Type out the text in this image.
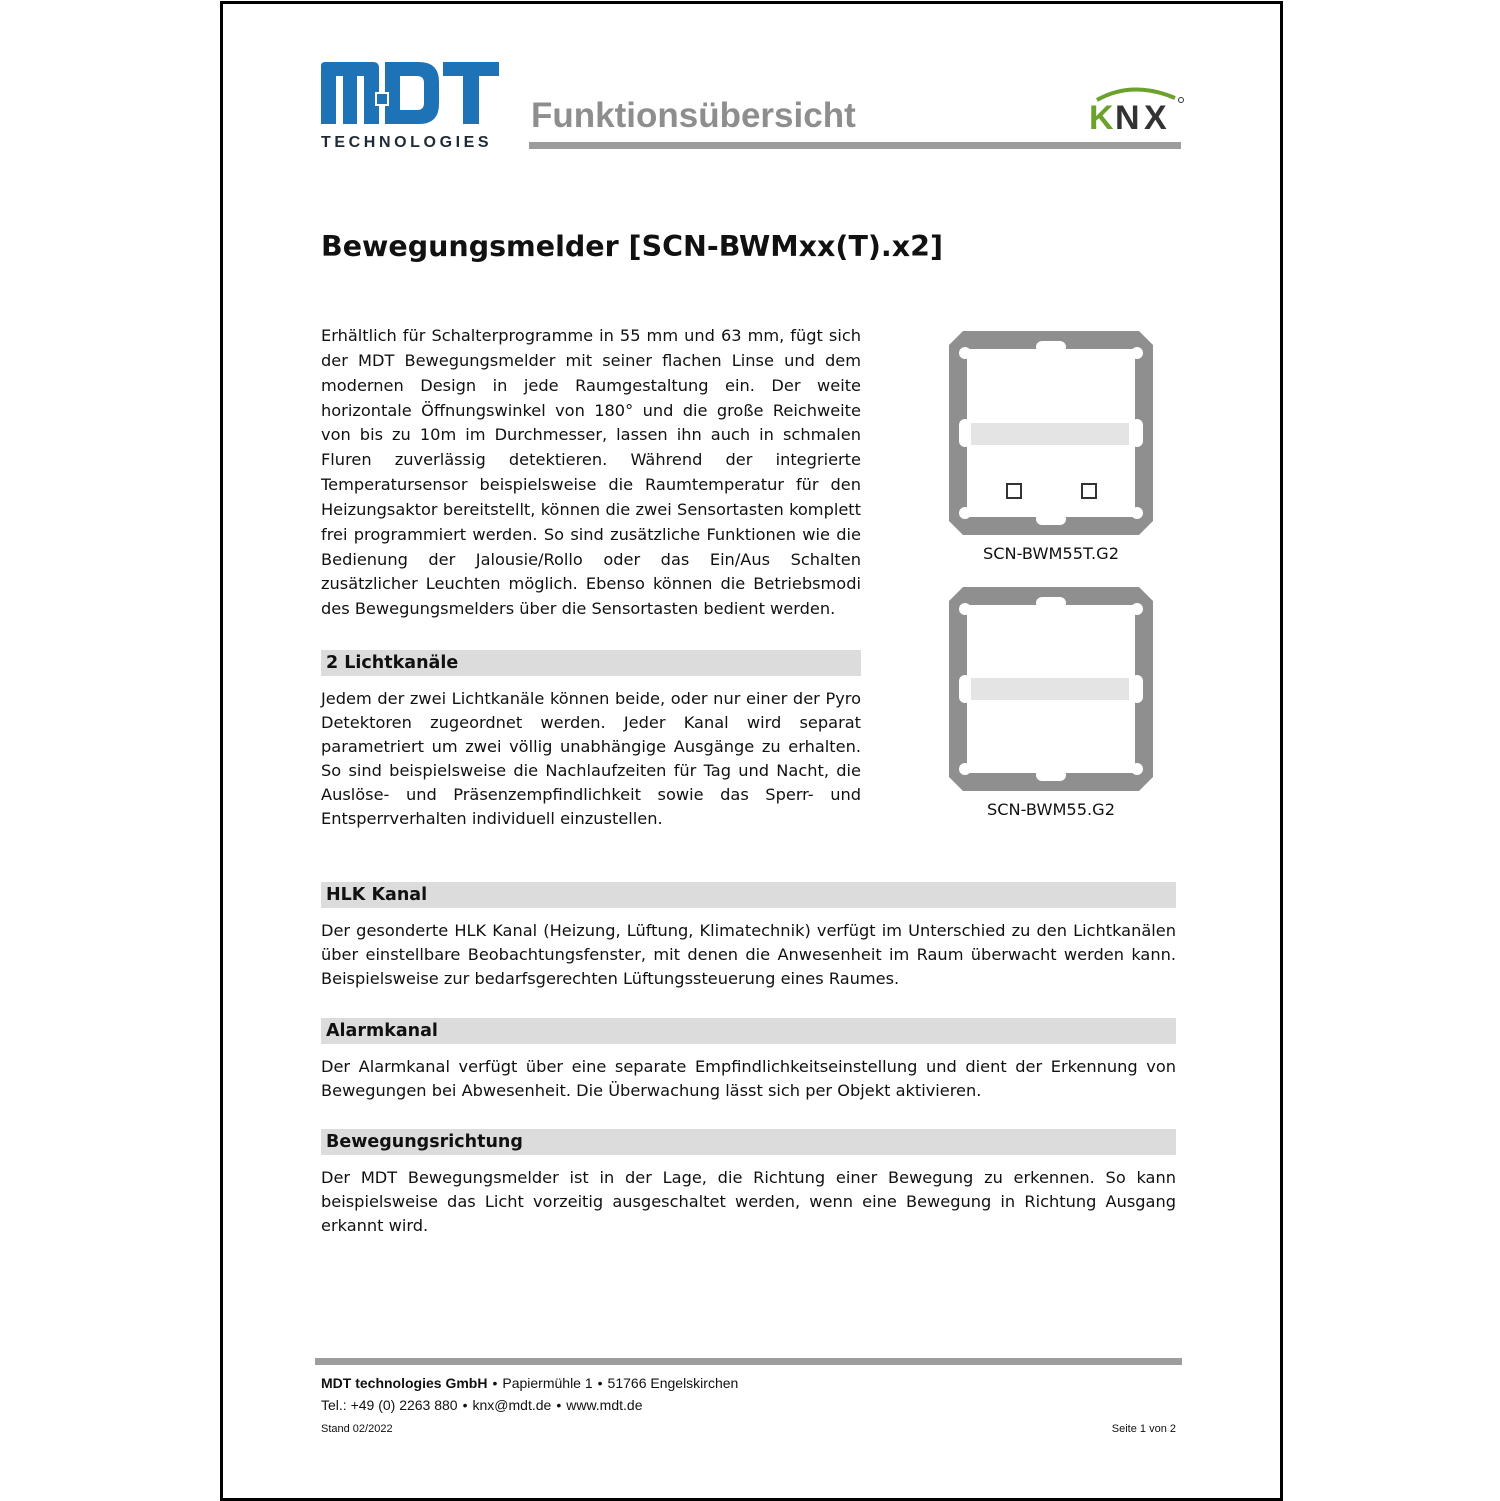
TECHNOLOGIES
Funktionsübersicht	K N X
Bewegungsmelder [SCN-BWMxx(T).x2]

Erhältlich für Schalterprogramme in 55 mm und 63 mm, fügt sich der MDT Bewegungsmelder mit seiner flachen Linse und dem modernen Design in jede Raumgestaltung ein. Der weite horizontale Öffnungswinkel von 180° und die große Reichweite von bis zu 10m im Durchmesser, lassen ihn auch in schmalen Fluren zuverlässig detektieren. Während der integrierte Temperatursensor beispielsweise die Raumtemperatur für den Heizungsaktor bereitstellt, können die zwei Sensortasten komplett frei programmiert werden. So sind zusätzliche Funktionen wie die Bedienung der Jalousie/Rollo oder das Ein/Aus Schalten zusätzlicher Leuchten möglich. Ebenso können die Betriebsmodi des Bewegungsmelders über die Sensortasten bedient werden.

SCN-BWM55T.G2
SCN-BWM55.G2
2 Lichtkanäle

Jedem der zwei Lichtkanäle können beide, oder nur einer der Pyro Detektoren zugeordnet werden. Jeder Kanal wird separat parametriert um zwei völlig unabhängige Ausgänge zu erhalten. So sind beispielsweise die Nachlaufzeiten für Tag und Nacht, die Auslöse- und Präsenzempfindlichkeit sowie das Sperr- und Entsperrverhalten individuell einzustellen.

HLK Kanal

Der gesonderte HLK Kanal (Heizung, Lüftung, Klimatechnik) verfügt im Unterschied zu den Lichtkanälen über einstellbare Beobachtungsfenster, mit denen die Anwesenheit im Raum überwacht werden kann. Beispielsweise zur bedarfsgerechten Lüftungssteuerung eines Raumes.

Alarmkanal

Der Alarmkanal verfügt über eine separate Empfindlichkeitseinstellung und dient der Erkennung von Bewegungen bei Abwesenheit. Die Überwachung lässt sich per Objekt aktivieren.

Bewegungsrichtung

Der MDT Bewegungsmelder ist in der Lage, die Richtung einer Bewegung zu erkennen. So kann beispielsweise das Licht vorzeitig ausgeschaltet werden, wenn eine Bewegung in Richtung Ausgang erkannt wird.

MDT technologies GmbH • Papiermühle 1 • 51766 Engelskirchen
Tel.: +49 (0) 2263 880 • knx@mdt.de • www.mdt.de
Stand 02/2022	Seite 1 von 2
